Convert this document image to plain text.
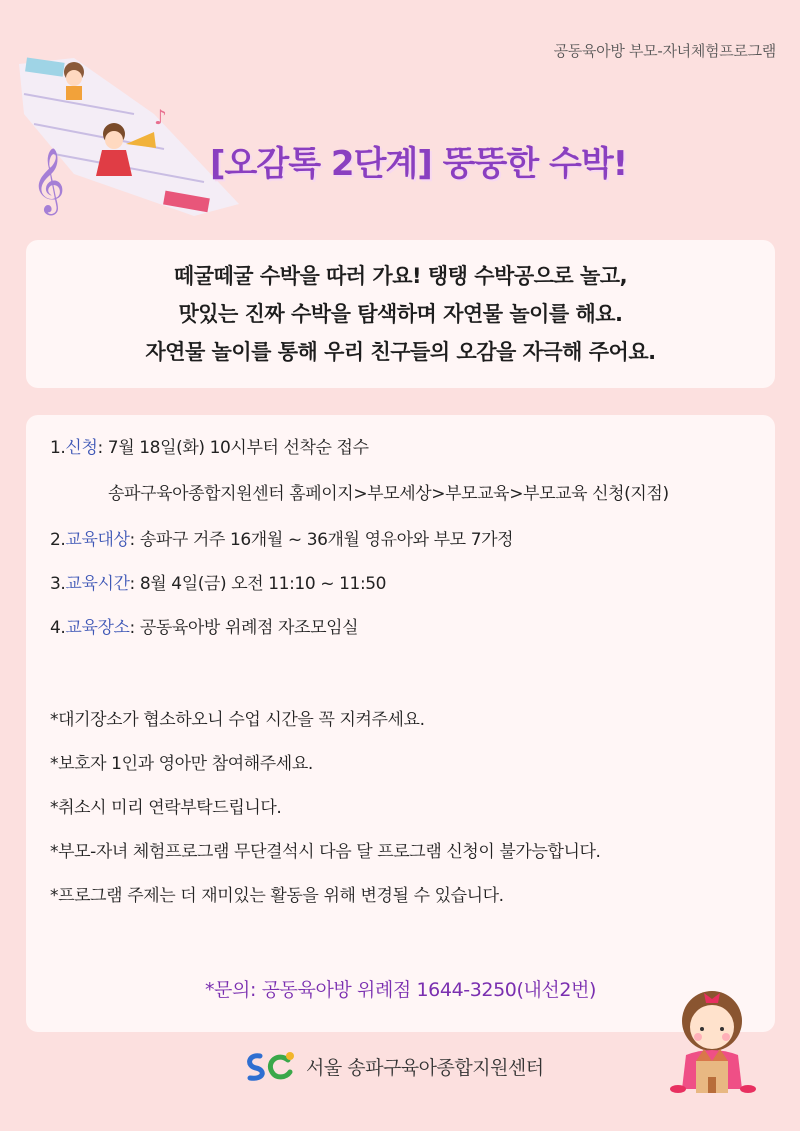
공동육아방 부모-자녀체험프로그램
𝄞
♪
[오감톡 2단계] 뚱뚱한 수박!
떼굴떼굴 수박을 따러 가요! 탱탱 수박공으로 놀고,
맛있는 진짜 수박을 탐색하며 자연물 놀이를 해요.
자연물 놀이를 통해 우리 친구들의 오감을 자극해 주어요.
1.신청: 7월 18일(화) 10시부터 선착순 접수
송파구육아종합지원센터 홈페이지>부모세상>부모교육>부모교육 신청(지점)
2.교육대상: 송파구 거주 16개월 ~ 36개월 영유아와 부모 7가정
3.교육시간: 8월 4일(금) 오전 11:10 ~ 11:50
4.교육장소: 공동육아방 위례점 자조모임실
*대기장소가 협소하오니 수업 시간을 꼭 지켜주세요.
*보호자 1인과 영아만 참여해주세요.
*취소시 미리 연락부탁드립니다.
*부모-자녀 체험프로그램 무단결석시 다음 달 프로그램 신청이 불가능합니다.
*프로그램 주제는 더 재미있는 활동을 위해 변경될 수 있습니다.
*문의: 공동육아방 위례점 1644-3250(내선2번)
서울 송파구육아종합지원센터
